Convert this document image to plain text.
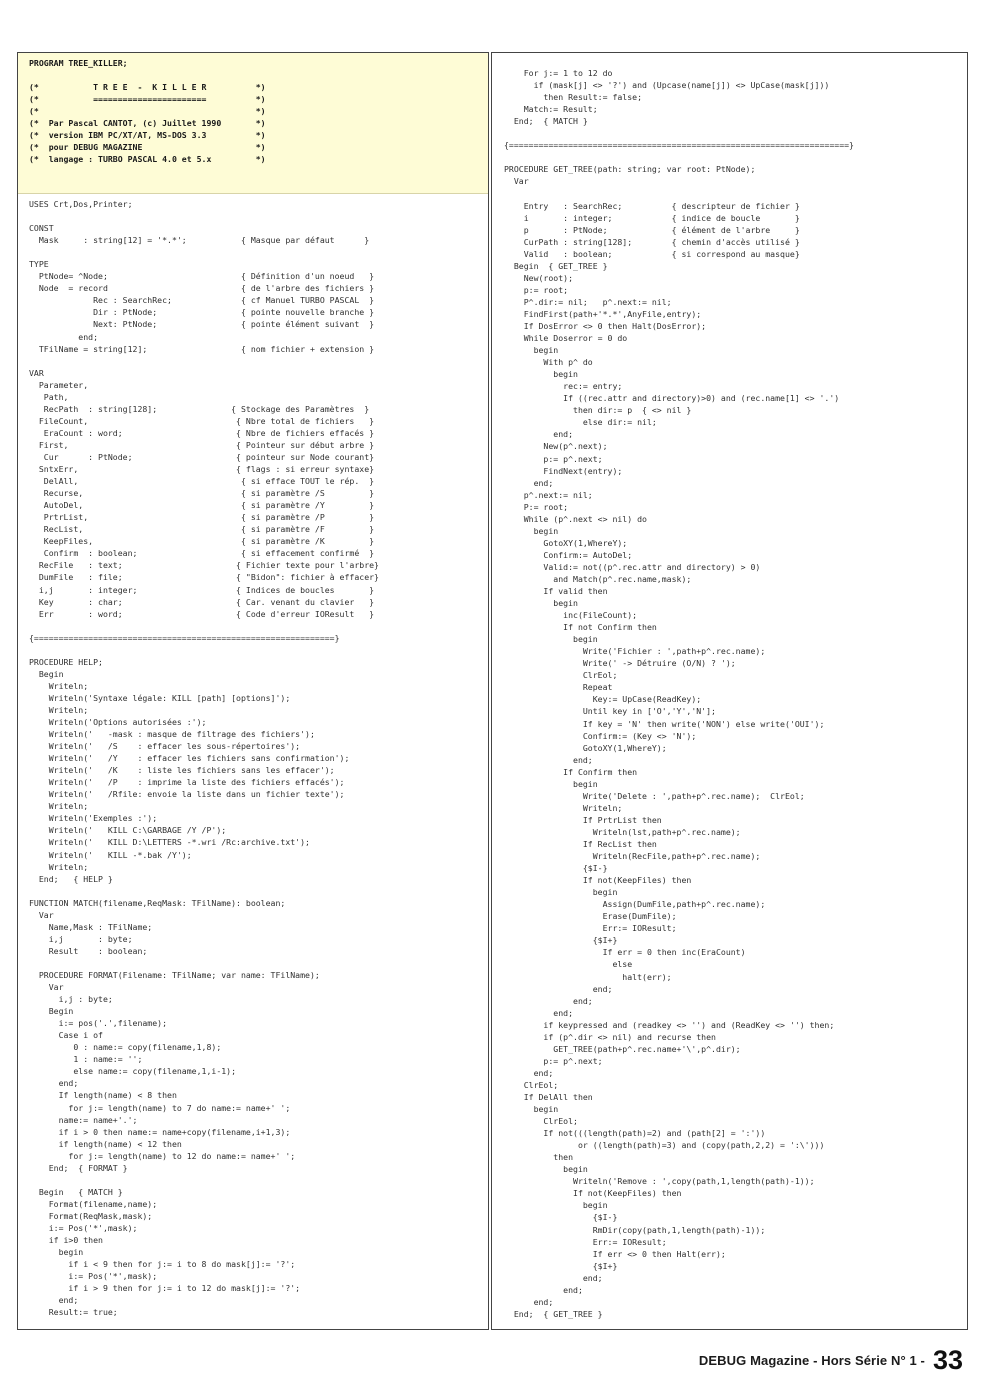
PROGRAM TREE_KILLER;
(*           T R E E  -  K I L L E R          *)
(*           =======================          *)
(*                                            *)
(*  Par Pascal CANTOT, (c) Juillet 1990       *)
(*  version IBM PC/XT/AT, MS-DOS 3.3          *)
(*  pour DEBUG MAGAZINE                       *)
(*  langage : TURBO PASCAL 4.0 et 5.x         *)
USES Crt,Dos,Printer;
CONST
Mask     : string[12] = '*.*';           { Masque par défaut      }
TYPE
PtNode= ^Node;                           { Définition d'un noeud   }
Node  = record                           { de l'arbre des fichiers }
Rec : SearchRec;              { cf Manuel TURBO PASCAL  }
Dir : PtNode;                 { pointe nouvelle branche }
Next: PtNode;                 { pointe élément suivant  }
end;
TFilName = string[12];                   { nom fichier + extension }
VAR
Parameter,
Path,
RecPath  : string[128];               { Stockage des Paramètres  }
FileCount,                              { Nbre total de fichiers   }
EraCount : word;                       { Nbre de fichiers effacés }
First,                                  { Pointeur sur début arbre }
Cur      : PtNode;                     { pointeur sur Node courant}
SntxErr,                                { flags : si erreur syntaxe}
DelAll,                                 { si efface TOUT le rép.  }
Recurse,                                { si paramètre /S         }
AutoDel,                                { si paramètre /Y         }
PrtrList,                               { si paramètre /P         }
RecList,                                { si paramètre /F         }
KeepFiles,                              { si paramètre /K         }
Confirm  : boolean;                     { si effacement confirmé  }
RecFile   : text;                       { Fichier texte pour l'arbre}
DumFile   : file;                       { "Bidon": fichier à effacer}
i,j       : integer;                    { Indices de boucles       }
Key       : char;                       { Car. venant du clavier   }
Err       : word;                       { Code d'erreur IOResult   }
{=============================================================}
PROCEDURE HELP;
Begin
Writeln;
Writeln('Syntaxe légale: KILL [path] [options]');
Writeln;
Writeln('Options autorisées :');
Writeln('   -mask : masque de filtrage des fichiers');
Writeln('   /S    : effacer les sous-répertoires');
Writeln('   /Y    : effacer les fichiers sans confirmation');
Writeln('   /K    : liste les fichiers sans les effacer');
Writeln('   /P    : imprime la liste des fichiers effacés');
Writeln('   /Rfile: envoie la liste dans un fichier texte');
Writeln;
Writeln('Exemples :');
Writeln('   KILL C:\GARBAGE /Y /P');
Writeln('   KILL D:\LETTERS -*.wri /Rc:archive.txt');
Writeln('   KILL -*.bak /Y');
Writeln;
End;   { HELP }
FUNCTION MATCH(filename,ReqMask: TFilName): boolean;
Var
Name,Mask : TFilName;
i,j       : byte;
Result    : boolean;
PROCEDURE FORMAT(Filename: TFilName; var name: TFilName);
Var
i,j : byte;
Begin
i:= pos('.',filename);
Case i of
0 : name:= copy(filename,1,8);
1 : name:= '';
else name:= copy(filename,1,i-1);
end;
If length(name) < 8 then
for j:= length(name) to 7 do name:= name+' ';
name:= name+'.';
if i > 0 then name:= name+copy(filename,i+1,3);
if length(name) < 12 then
for j:= length(name) to 12 do name:= name+' ';
End;  { FORMAT }
Begin   { MATCH }
Format(filename,name);
Format(ReqMask,mask);
i:= Pos('*',mask);
if i>0 then
begin
if i < 9 then for j:= i to 8 do mask[j]:= '?';
i:= Pos('*',mask);
if i > 9 then for j:= i to 12 do mask[j]:= '?';
end;
Result:= true;
For j:= 1 to 12 do
if (mask[j] <> '?') and (Upcase(name[j]) <> UpCase(mask[j]))
then Result:= false;
Match:= Result;
End;  { MATCH }
{=====================================================================}
PROCEDURE GET_TREE(path: string; var root: PtNode);
Var
Entry   : SearchRec;          { descripteur de fichier }
i       : integer;            { indice de boucle       }
p       : PtNode;             { élément de l'arbre     }
CurPath : string[128];        { chemin d'accès utilisé }
Valid   : boolean;            { si correspond au masque}
Begin  { GET_TREE }
New(root);
p:= root;
P^.dir:= nil;   p^.next:= nil;
FindFirst(path+'*.*',AnyFile,entry);
If DosError <> 0 then Halt(DosError);
While Doserror = 0 do
begin
With p^ do
begin
rec:= entry;
If ((rec.attr and directory)>0) and (rec.name[1] <> '.')
then dir:= p  { <> nil }
else dir:= nil;
end;
New(p^.next);
p:= p^.next;
FindNext(entry);
end;
p^.next:= nil;
P:= root;
While (p^.next <> nil) do
begin
GotoXY(1,WhereY);
Confirm:= AutoDel;
Valid:= not((p^.rec.attr and directory) > 0)
and Match(p^.rec.name,mask);
If valid then
begin
inc(FileCount);
If not Confirm then
begin
Write('Fichier : ',path+p^.rec.name);
Write(' -> Détruire (O/N) ? ');
ClrEol;
Repeat
Key:= UpCase(ReadKey);
Until key in ['O','Y','N'];
If key = 'N' then write('NON') else write('OUI');
Confirm:= (Key <> 'N');
GotoXY(1,WhereY);
end;
If Confirm then
begin
Write('Delete : ',path+p^.rec.name);  ClrEol;
Writeln;
If PrtrList then
Writeln(lst,path+p^.rec.name);
If RecList then
Writeln(RecFile,path+p^.rec.name);
{$I-}
If not(KeepFiles) then
begin
Assign(DumFile,path+p^.rec.name);
Erase(DumFile);
Err:= IOResult;
{$I+}
If err = 0 then inc(EraCount)
else
halt(err);
end;
end;
end;
if keypressed and (readkey <> '') and (ReadKey <> '') then;
if (p^.dir <> nil) and recurse then
GET_TREE(path+p^.rec.name+'\',p^.dir);
p:= p^.next;
end;
ClrEol;
If DelAll then
begin
ClrEol;
If not(((length(path)=2) and (path[2] = ':'))
or ((length(path)=3) and (copy(path,2,2) = ':\')))
then
begin
Writeln('Remove : ',copy(path,1,length(path)-1));
If not(KeepFiles) then
begin
{$I-}
RmDir(copy(path,1,length(path)-1));
Err:= IOResult;
If err <> 0 then Halt(err);
{$I+}
end;
end;
end;
End;  { GET_TREE }
DEBUG Magazine - Hors Série N° 1 - 33
